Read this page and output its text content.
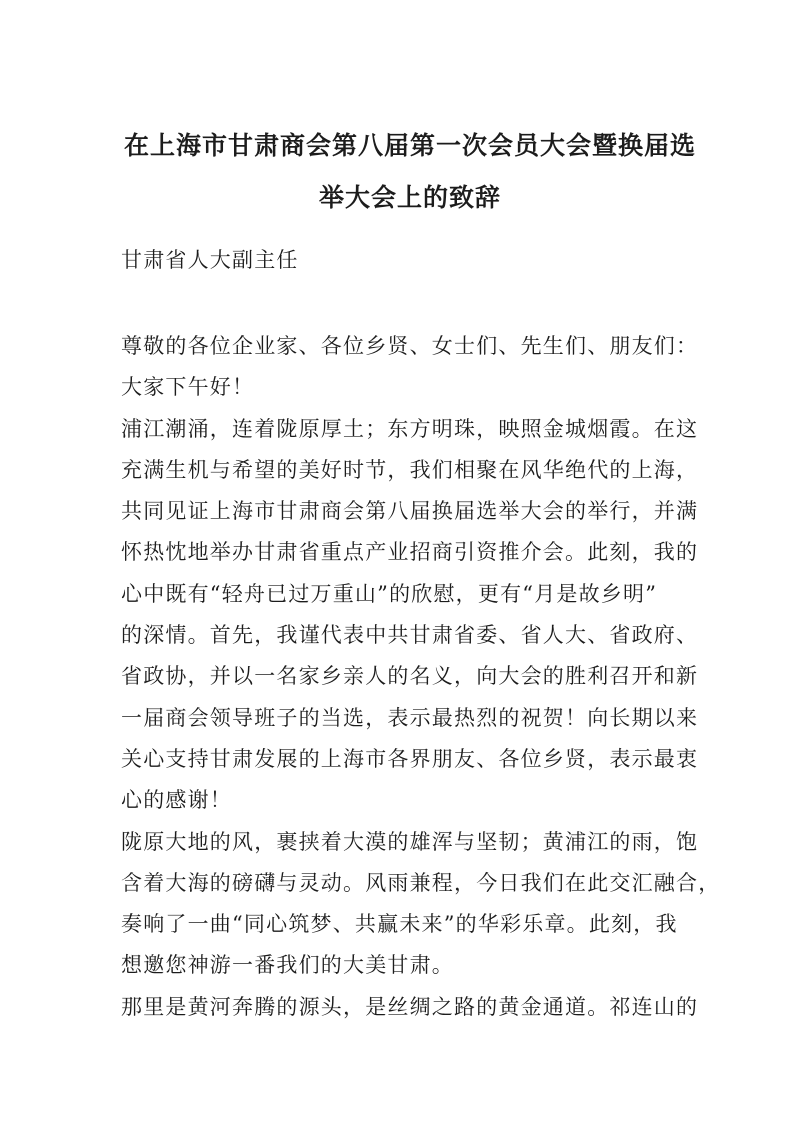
在上海市甘肃商会第八届第一次会员大会暨换届选
举大会上的致辞
甘肃省人大副主任
尊敬的各位企业家、各位乡贤、女士们、先生们、朋友们：
大家下午好！
浦江潮涌，连着陇原厚土；东方明珠，映照金城烟霞。在这
充满生机与希望的美好时节，我们相聚在风华绝代的上海，
共同见证上海市甘肃商会第八届换届选举大会的举行，并满
怀热忱地举办甘肃省重点产业招商引资推介会。此刻，我的
心中既有“轻舟已过万重山”的欣慰，更有“月是故乡明”
的深情。首先，我谨代表中共甘肃省委、省人大、省政府、
省政协，并以一名家乡亲人的名义，向大会的胜利召开和新
一届商会领导班子的当选，表示最热烈的祝贺！向长期以来
关心支持甘肃发展的上海市各界朋友、各位乡贤，表示最衷
心的感谢！
陇原大地的风，裹挟着大漠的雄浑与坚韧；黄浦江的雨，饱
含着大海的磅礴与灵动。风雨兼程，今日我们在此交汇融合，
奏响了一曲“同心筑梦、共赢未来”的华彩乐章。此刻，我
想邀您神游一番我们的大美甘肃。
那里是黄河奔腾的源头，是丝绸之路的黄金通道。祁连山的
